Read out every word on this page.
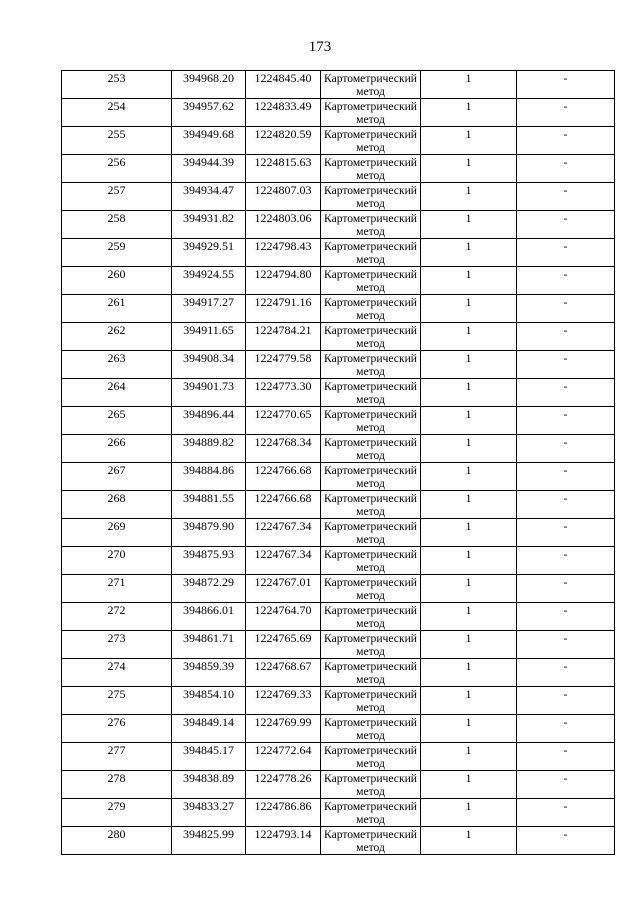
173
253	394968.20	1224845.40	Картометрический метод	1	-

254	394957.62	1224833.49	Картометрический метод	1	-

255	394949.68	1224820.59	Картометрический метод	1	-

256	394944.39	1224815.63	Картометрический метод	1	-

257	394934.47	1224807.03	Картометрический метод	1	-

258	394931.82	1224803.06	Картометрический метод	1	-

259	394929.51	1224798.43	Картометрический метод	1	-

260	394924.55	1224794.80	Картометрический метод	1	-

261	394917.27	1224791.16	Картометрический метод	1	-

262	394911.65	1224784.21	Картометрический метод	1	-

263	394908.34	1224779.58	Картометрический метод	1	-

264	394901.73	1224773.30	Картометрический метод	1	-

265	394896.44	1224770.65	Картометрический метод	1	-

266	394889.82	1224768.34	Картометрический метод	1	-

267	394884.86	1224766.68	Картометрический метод	1	-

268	394881.55	1224766.68	Картометрический метод	1	-

269	394879.90	1224767.34	Картометрический метод	1	-

270	394875.93	1224767.34	Картометрический метод	1	-

271	394872.29	1224767.01	Картометрический метод	1	-

272	394866.01	1224764.70	Картометрический метод	1	-

273	394861.71	1224765.69	Картометрический метод	1	-

274	394859.39	1224768.67	Картометрический метод	1	-

275	394854.10	1224769.33	Картометрический метод	1	-

276	394849.14	1224769.99	Картометрический метод	1	-

277	394845.17	1224772.64	Картометрический метод	1	-

278	394838.89	1224778.26	Картометрический метод	1	-

279	394833.27	1224786.86	Картометрический метод	1	-

280	394825.99	1224793.14	Картометрический метод	1	-
